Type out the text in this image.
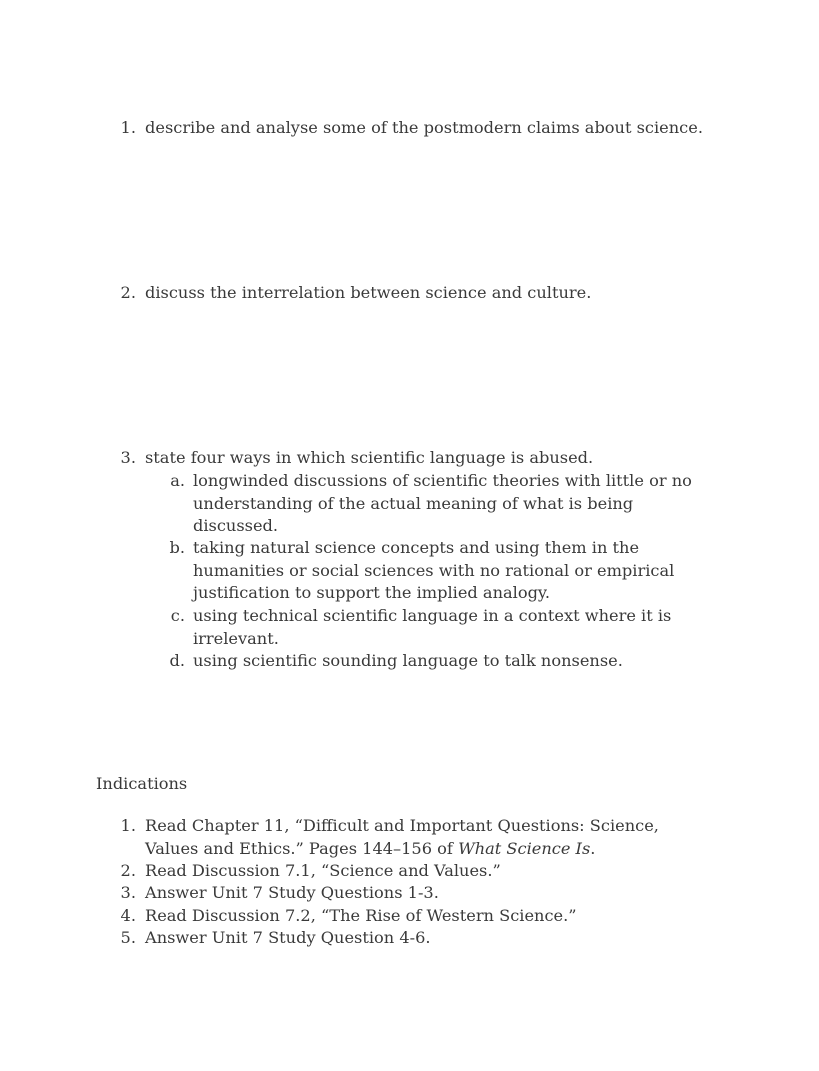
1. describe and analyse some of the postmodern claims about science.
2. discuss the interrelation between science and culture.
3. state four ways in which scientific language is abused.
a. longwinded discussions of scientific theories with little or no
understanding of the actual meaning of what is being
discussed.
b. taking natural science concepts and using them in the
humanities or social sciences with no rational or empirical
justification to support the implied analogy.
c. using technical scientific language in a context where it is
irrelevant.
d. using scientific sounding language to talk nonsense.
Indications
1. Read Chapter 11, “Difficult and Important Questions: Science,
Values and Ethics.” Pages 144–156 of What Science Is.
2. Read Discussion 7.1, “Science and Values.”
3. Answer Unit 7 Study Questions 1-3.
4. Read Discussion 7.2, “The Rise of Western Science.”
5. Answer Unit 7 Study Question 4-6.
